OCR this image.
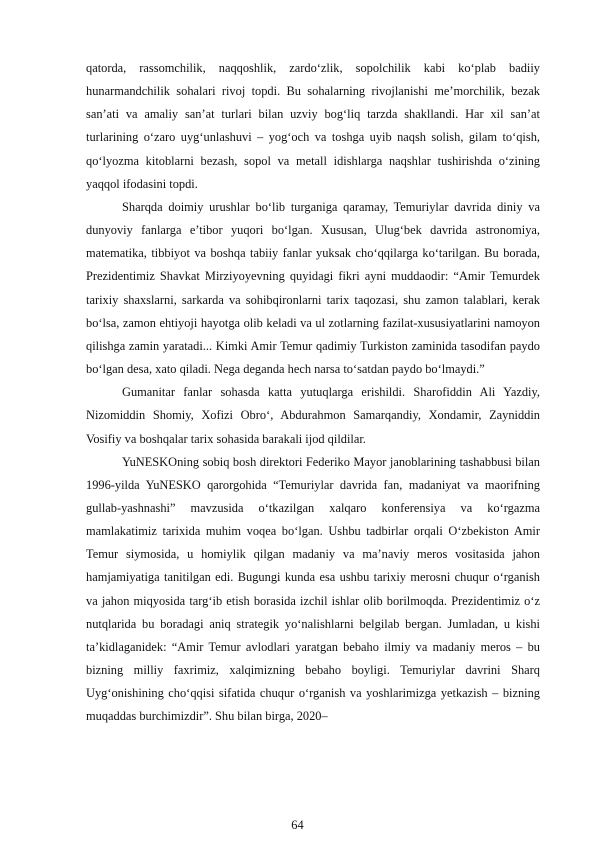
qatorda, rassomchilik, naqqoshlik, zardo‘zlik, sopolchilik kabi ko‘plab badiiy hunarmandchilik sohalari rivoj topdi. Bu sohalarning rivojlanishi me’morchilik, bezak san’ati va amaliy san’at turlari bilan uzviy bog‘liq tarzda shakllandi. Har xil san’at turlarining o‘zaro uyg‘unlashuvi – yog‘och va toshga uyib naqsh solish, gilam to‘qish, qo‘lyozma kitoblarni bezash, sopol va metall idishlarga naqshlar tushirishda o‘zining yaqqol ifodasini topdi.

Sharqda doimiy urushlar bo‘lib turganiga qaramay, Temuriylar davrida diniy va dunyoviy fanlarga e’tibor yuqori bo‘lgan. Xususan, Ulug‘bek davrida astronomiya, matematika, tibbiyot va boshqa tabiiy fanlar yuksak cho‘qqilarga ko‘tarilgan. Bu borada, Prezidentimiz Shavkat Mirziyoyevning quyidagi fikri ayni muddaodir: “Amir Temurdek tarixiy shaxslarni, sarkarda va sohibqironlarni tarix taqozasi, shu zamon talablari, kerak bo‘lsa, zamon ehtiyoji hayotga olib keladi va ul zotlarning fazilat-xususiyatlarini namoyon qilishga zamin yaratadi... Kimki Amir Temur qadimiy Turkiston zaminida tasodifan paydo bo‘lgan desa, xato qiladi. Nega deganda hech narsa to‘satdan paydo bo‘lmaydi.”

Gumanitar fanlar sohasda katta yutuqlarga erishildi. Sharofiddin Ali Yazdiy, Nizomiddin Shomiy, Xofizi Obro‘, Abdurahmon Samarqandiy, Xondamir, Zayniddin Vosifiy va boshqalar tarix sohasida barakali ijod qildilar.

YuNESKOning sobiq bosh direktori Federiko Mayor janoblarining tashabbusi bilan 1996-yilda YuNESKO qarorgohida “Temuriylar davrida fan, madaniyat va maorifning gullab-yashnashi” mavzusida o‘tkazilgan xalqaro konferensiya va ko‘rgazma mamlakatimiz tarixida muhim voqea bo‘lgan. Ushbu tadbirlar orqali O‘zbekiston Amir Temur siymosida, u homiylik qilgan madaniy va ma’naviy meros vositasida jahon hamjamiyatiga tanitilgan edi. Bugungi kunda esa ushbu tarixiy merosni chuqur o‘rganish va jahon miqyosida targ‘ib etish borasida izchil ishlar olib borilmoqda. Prezidentimiz o‘z nutqlarida bu boradagi aniq strategik yo‘nalishlarni belgilab bergan. Jumladan, u kishi ta’kidlaganidek: “Amir Temur avlodlari yaratgan bebaho ilmiy va madaniy meros – bu bizning milliy faxrimiz, xalqimizning bebaho boyligi. Temuriylar davrini Sharq Uyg‘onishining cho‘qqisi sifatida chuqur o‘rganish va yoshlarimizga yetkazish – bizning muqaddas burchimizdir”. Shu bilan birga, 2020–

64
